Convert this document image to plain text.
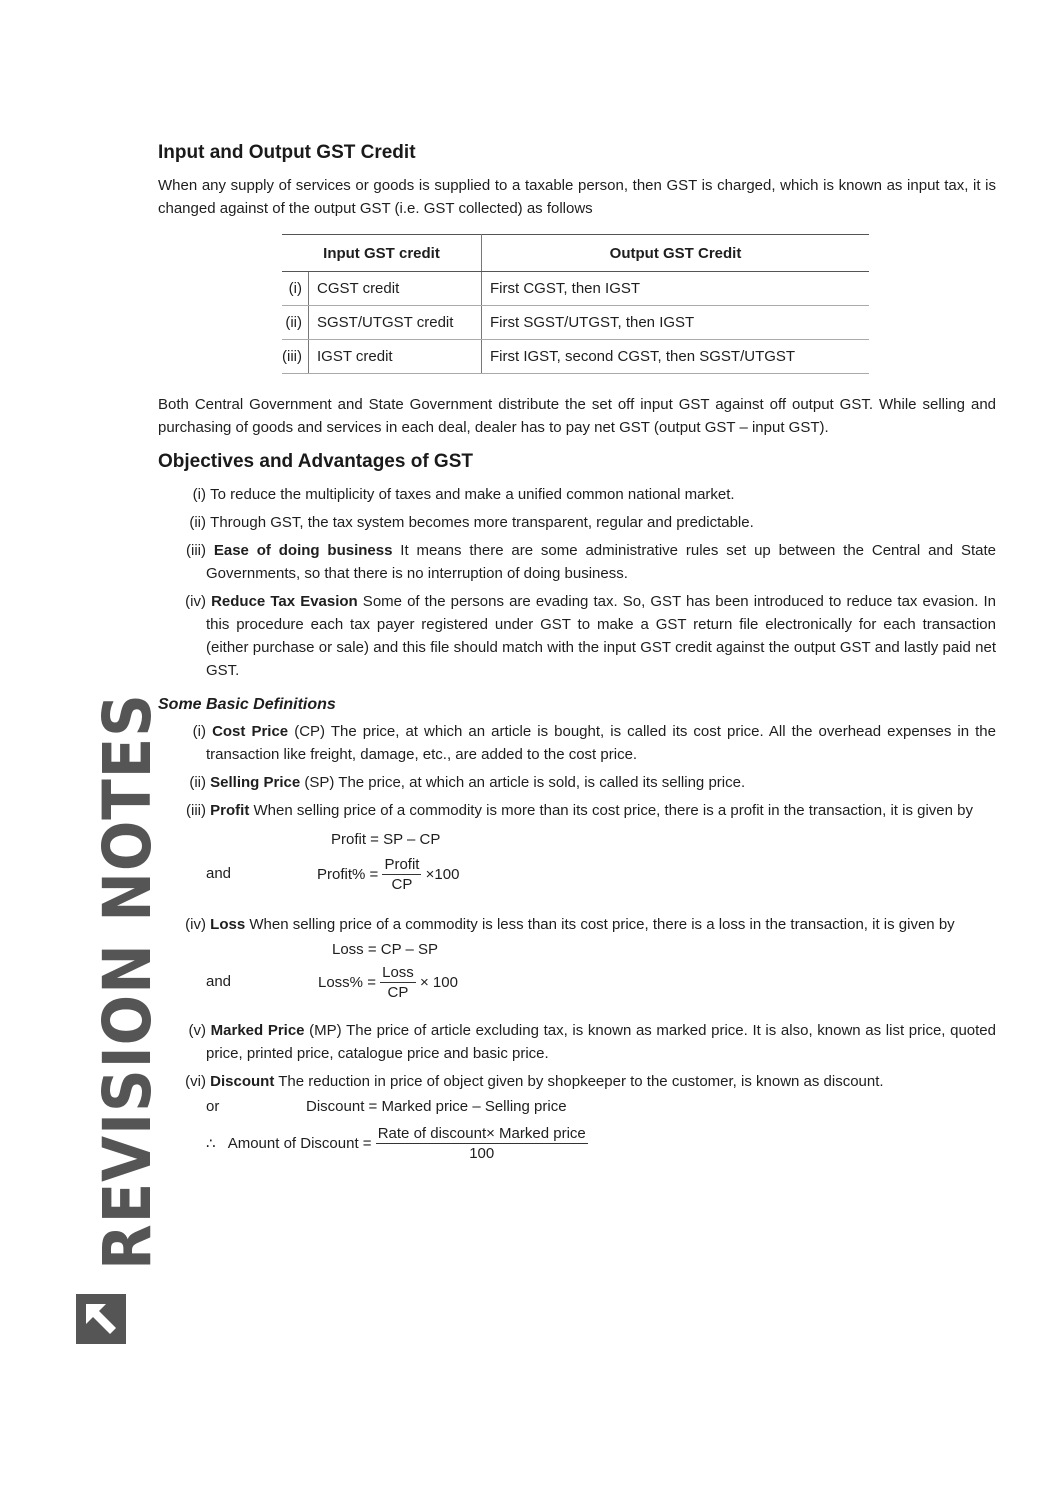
Input and Output GST Credit

When any supply of services or goods is supplied to a taxable person, then GST is charged, which is known as input tax, it is changed against of the output GST (i.e. GST collected) as follows

Input GST credit		Output GST Credit
(i)	CGST credit	First CGST, then IGST
(ii)	SGST/UTGST credit	First SGST/UTGST, then IGST
(iii)	IGST credit	First IGST, second CGST, then SGST/UTGST

Both Central Government and State Government distribute the set off input GST against off output GST. While selling and purchasing of goods and services in each deal, dealer has to pay net GST (output GST – input GST).

Objectives and Advantages of GST
(i) To reduce the multiplicity of taxes and make a unified common national market.
(ii) Through GST, the tax system becomes more transparent, regular and predictable.
(iii) Ease of doing business It means there are some administrative rules set up between the Central and State Governments, so that there is no interruption of doing business.
(iv) Reduce Tax Evasion Some of the persons are evading tax. So, GST has been introduced to reduce tax evasion. In this procedure each tax payer registered under GST to make a GST return file electronically for each transaction (either purchase or sale) and this file should match with the input GST credit against the output GST and lastly paid net GST.
Some Basic Definitions
(i) Cost Price (CP) The price, at which an article is bought, is called its cost price. All the overhead expenses in the transaction like freight, damage, etc., are added to the cost price.
(ii) Selling Price (SP) The price, at which an article is sold, is called its selling price.
(iii) Profit When selling price of a commodity is more than its cost price, there is a profit in the transaction, it is given by
Profit = SP – CP
and	Profit% = $\frac{\text{Profit}}{CP} \times 100$
(iv) Loss When selling price of a commodity is less than its cost price, there is a loss in the transaction, it is given by
Loss = CP – SP
and	Loss% = $\frac{\text{Loss}}{CP} \times 100$
(v) Marked Price (MP) The price of article excluding tax, is known as marked price. It is also, known as list price, quoted price, printed price, catalogue price and basic price.
(vi) Discount The reduction in price of object given by shopkeeper to the customer, is known as discount.
or	Discount = Marked price – Selling price
∴ Amount of Discount = $\frac{\text{Rate of discount× Marked price}}{100}$
REVISION NOTES
